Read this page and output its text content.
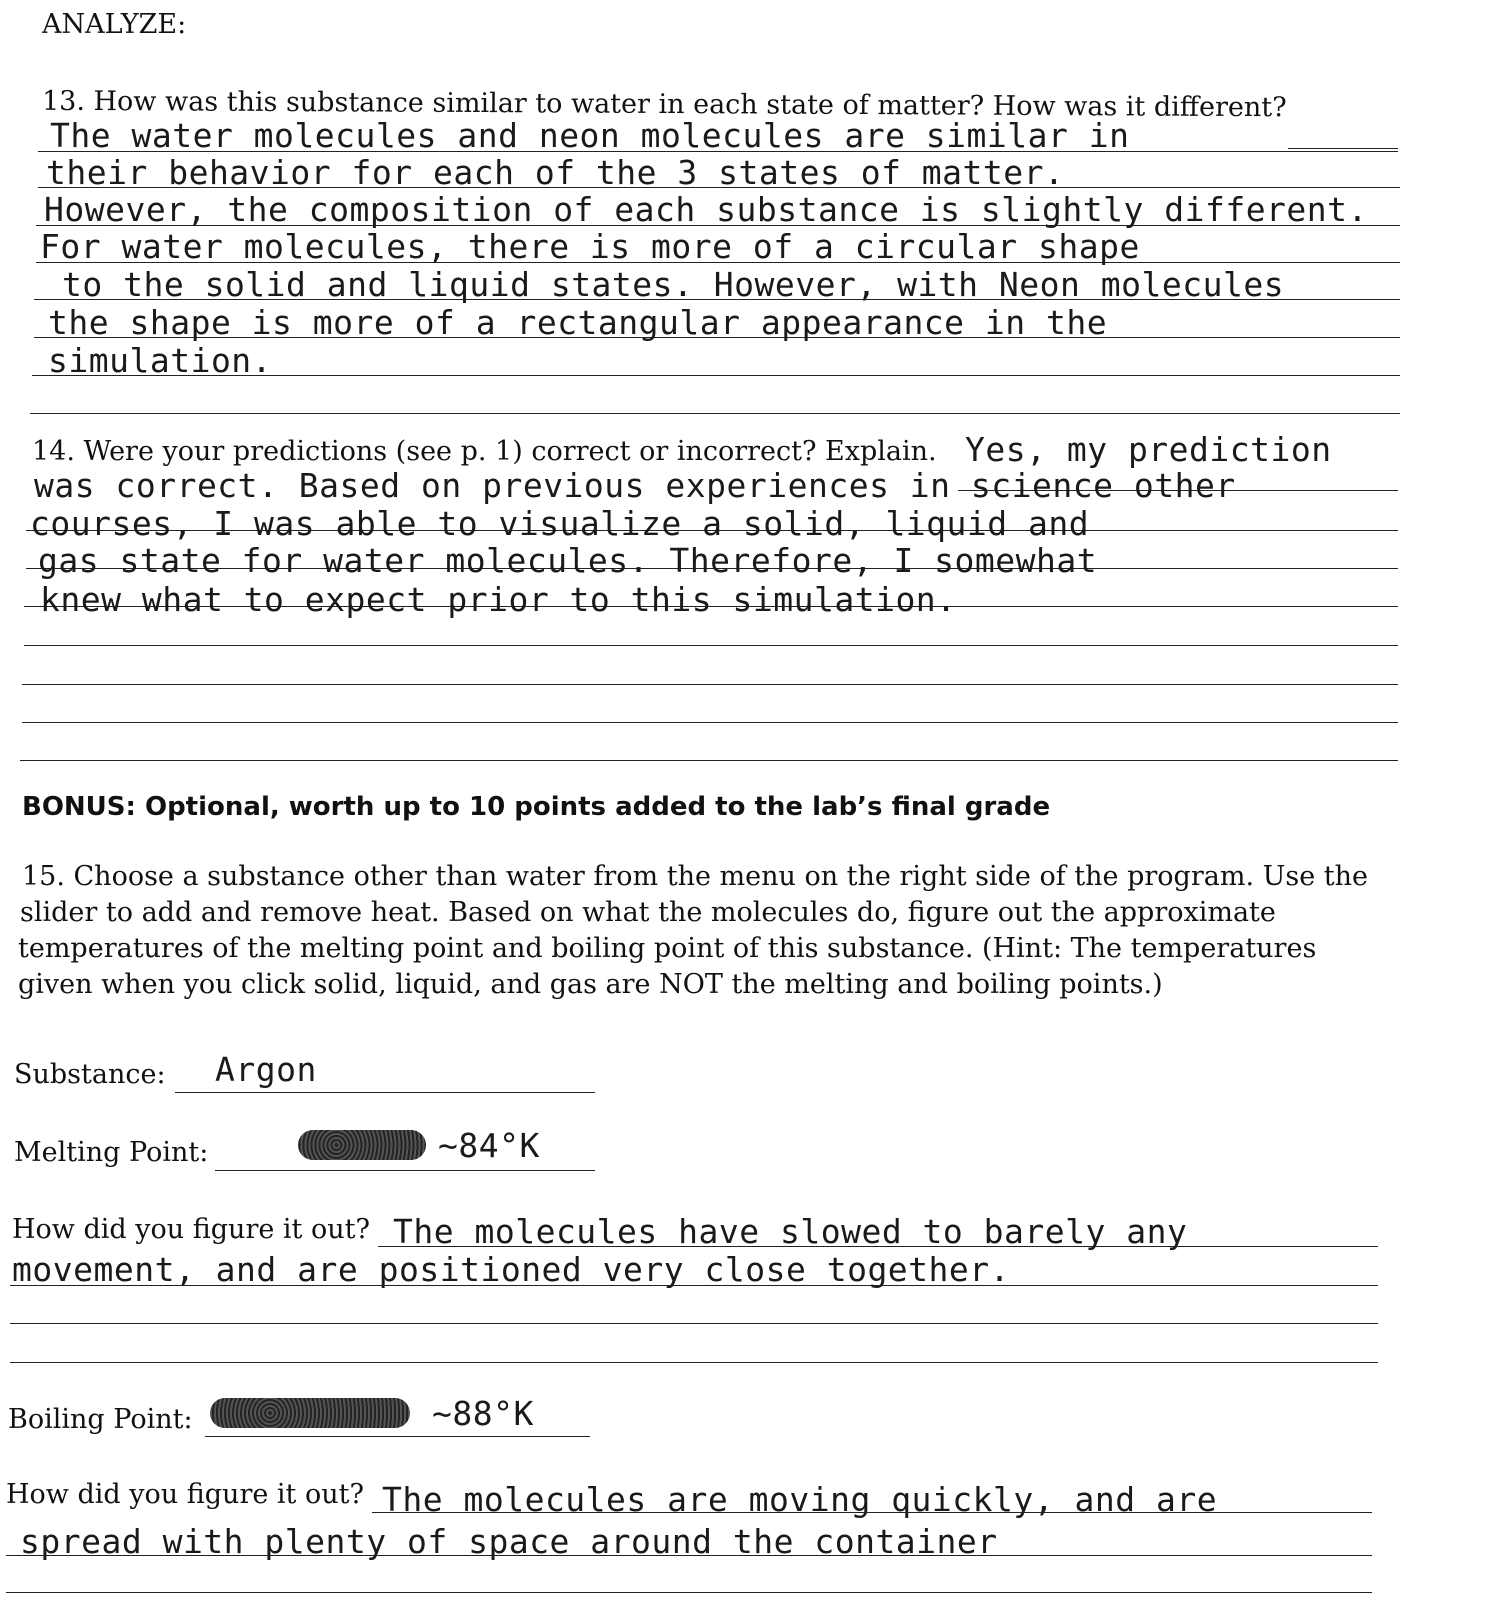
ANALYZE:
13. How was this substance similar to water in each state of matter? How was it different?
The water molecules and neon molecules are similar in
their behavior for each of the 3 states of matter.
However, the composition of each substance is slightly different.
For water molecules, there is more of a circular shape
to the solid and liquid states. However, with Neon molecules
the shape is more of a rectangular appearance in the
simulation.
14. Were your predictions (see p. 1) correct or incorrect? Explain. Yes, my prediction
was correct. Based on previous experiences in science other
courses, I was able to visualize a solid, liquid and
gas state for water molecules. Therefore, I somewhat
knew what to expect prior to this simulation.
BONUS: Optional, worth up to 10 points added to the lab’s final grade
15. Choose a substance other than water from the menu on the right side of the program. Use the
slider to add and remove heat. Based on what the molecules do, figure out the approximate
temperatures of the melting point and boiling point of this substance. (Hint: The temperatures
given when you click solid, liquid, and gas are NOT the melting and boiling points.)
Substance: Argon
Melting Point:	~84°K
How did you figure it out? The molecules have slowed to barely any
movement, and are positioned very close together.
Boiling Point:	~88°K
How did you figure it out? The molecules are moving quickly, and are
spread with plenty of space around the container
